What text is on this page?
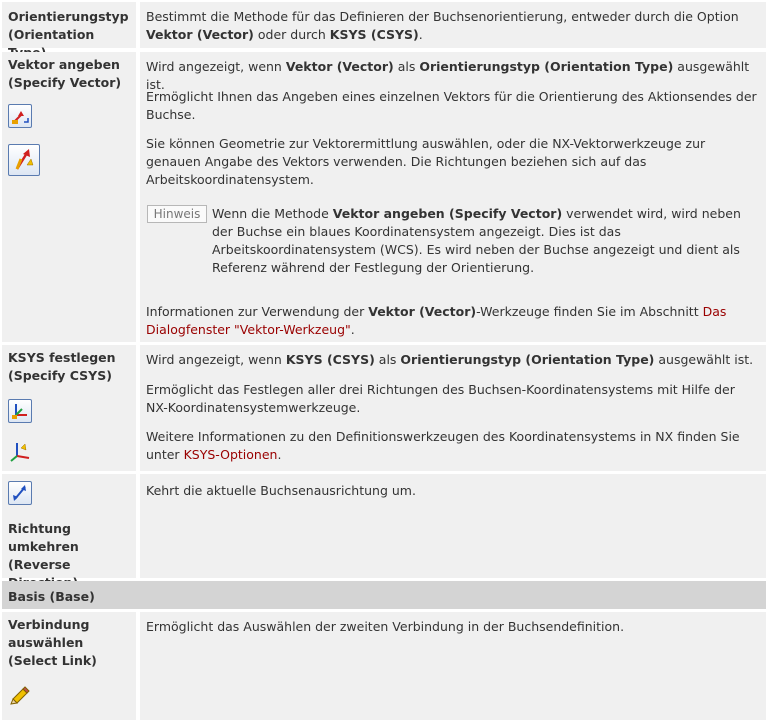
Orientierungstyp (Orientation
Bestimmt die Methode für das Definieren der Buchsenorientierung, entweder durch die Option Vektor (Vector) oder durch KSYS (CSYS).
Vektor angeben (Specify Vector)
Wird angezeigt, wenn Vektor (Vector) als Orientierungstyp (Orientation Type) ausgewählt ist.
Ermöglicht Ihnen das Angeben eines einzelnen Vektors für die Orientierung des Aktionsendes der Buchse.
Sie können Geometrie zur Vektorermittlung auswählen, oder die NX-Vektorwerkzeuge zur genauen Angabe des Vektors verwenden. Die Richtungen beziehen sich auf das Arbeitskoordinatensystem.
Hinweis Wenn die Methode Vektor angeben (Specify Vector) verwendet wird, wird neben der Buchse ein blaues Koordinatensystem angezeigt. Dies ist das Arbeitskoordinatensystem (WCS). Es wird neben der Buchse angezeigt und dient als Referenz während der Festlegung der Orientierung.
Informationen zur Verwendung der Vektor (Vector)-Werkzeuge finden Sie im Abschnitt Das Dialogfenster "Vektor-Werkzeug".
KSYS festlegen (Specify CSYS)
Wird angezeigt, wenn KSYS (CSYS) als Orientierungstyp (Orientation Type) ausgewählt ist.
Ermöglicht das Festlegen aller drei Richtungen des Buchsen-Koordinatensystems mit Hilfe der NX-Koordinatensystemwerkzeuge.
Weitere Informationen zu den Definitionswerkzeugen des Koordinatensystems in NX finden Sie unter KSYS-Optionen.
Richtung umkehren (Reverse
Kehrt die aktuelle Buchsenausrichtung um.
Basis (Base)
Verbindung auswählen (Select Link)
Ermöglicht das Auswählen der zweiten Verbindung in der Buchsendefinition.
